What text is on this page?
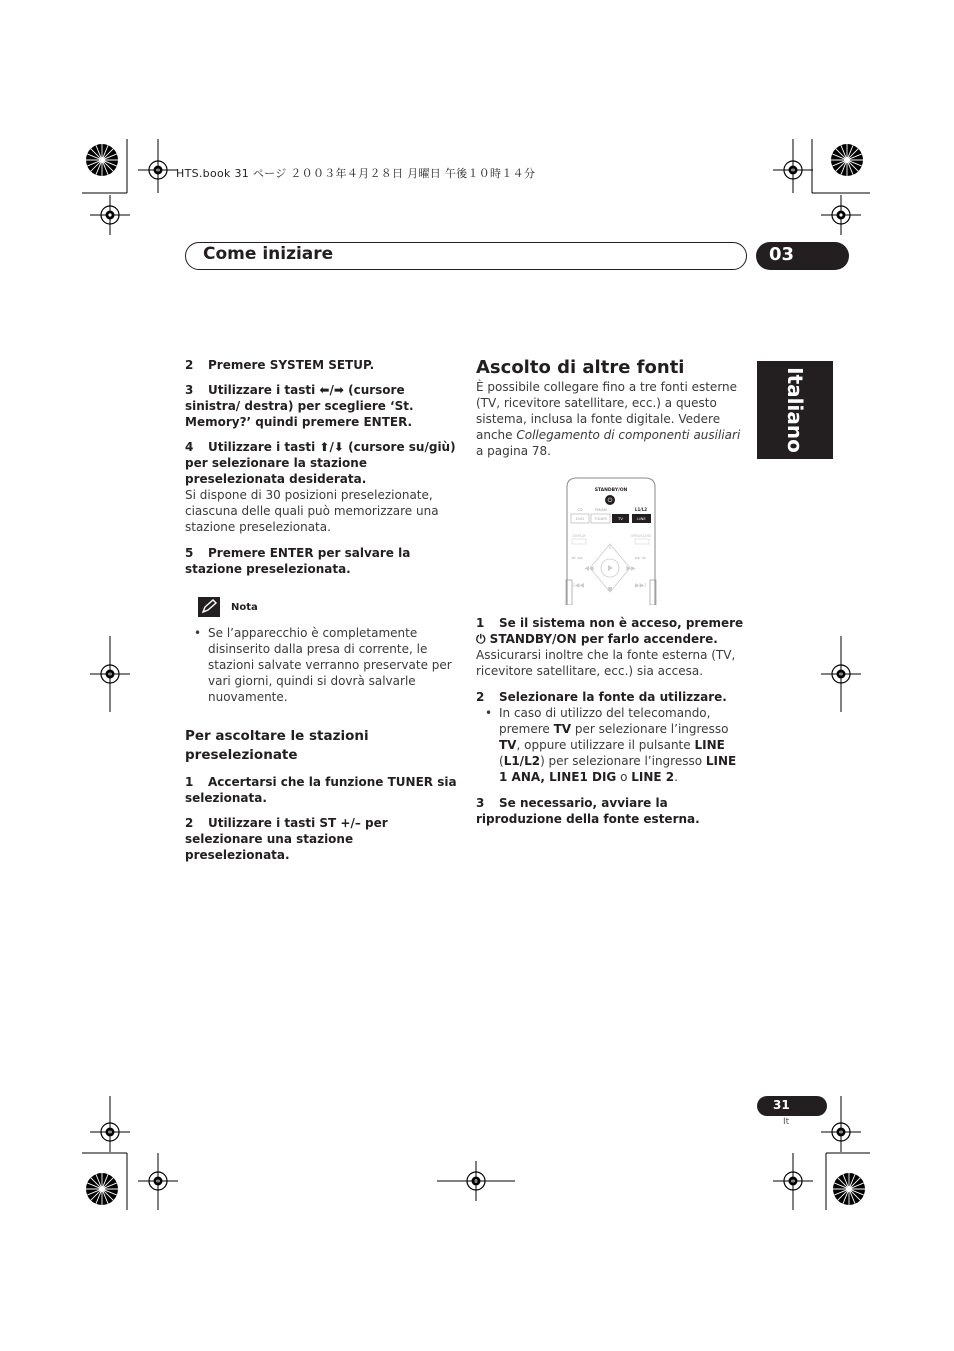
HTS.book 31 ページ ２００３年４月２８日 月曜日 午後１０時１４分
Come iniziare	03
Italiano
2 Premere SYSTEM SETUP.
3 Utilizzare i tasti ⬅/➡ (cursore sinistra/ destra) per scegliere ‘St. Memory?’ quindi premere ENTER.
4 Utilizzare i tasti ⬆/⬇ (cursore su/giù) per selezionare la stazione preselezionata desiderata.
Si dispone di 30 posizioni preselezionate, ciascuna delle quali può memorizzare una stazione preselezionata.
5 Premere ENTER per salvare la stazione preselezionata.
Nota
• Se l’apparecchio è completamente disinserito dalla presa di corrente, le stazioni salvate verranno preservate per vari giorni, quindi si dovrà salvarle nuovamente.
Per ascoltare le stazioni preselezionate
1 Accertarsi che la funzione TUNER sia selezionata.
2 Utilizzare i tasti ST +/– per selezionare una stazione preselezionata.
Ascolto di altre fonti
È possibile collegare fino a tre fonti esterne (TV, ricevitore satellitare, ecc.) a questo sistema, inclusa la fonte digitale. Vedere anche Collegamento di componenti ausiliari a pagina 78.
STANDBY/ON
⏻
CD	FM/AM	L1/L2
DVD	TUNER	TV	LINE
DISPLAY	OPEN/CLOSE
II
◀◀	▶▶
◀II ◀◀	▶▶ II▶
I◀◀	▶▶I
1 Se il sistema non è acceso, premere ⏻ STANDBY/ON per farlo accendere.
Assicurarsi inoltre che la fonte esterna (TV, ricevitore satellitare, ecc.) sia accesa.
2 Selezionare la fonte da utilizzare.
• In caso di utilizzo del telecomando, premere TV per selezionare l’ingresso TV, oppure utilizzare il pulsante LINE (L1/L2) per selezionare l’ingresso LINE 1 ANA, LINE1 DIG o LINE 2.
3 Se necessario, avviare la riproduzione della fonte esterna.
31
It
